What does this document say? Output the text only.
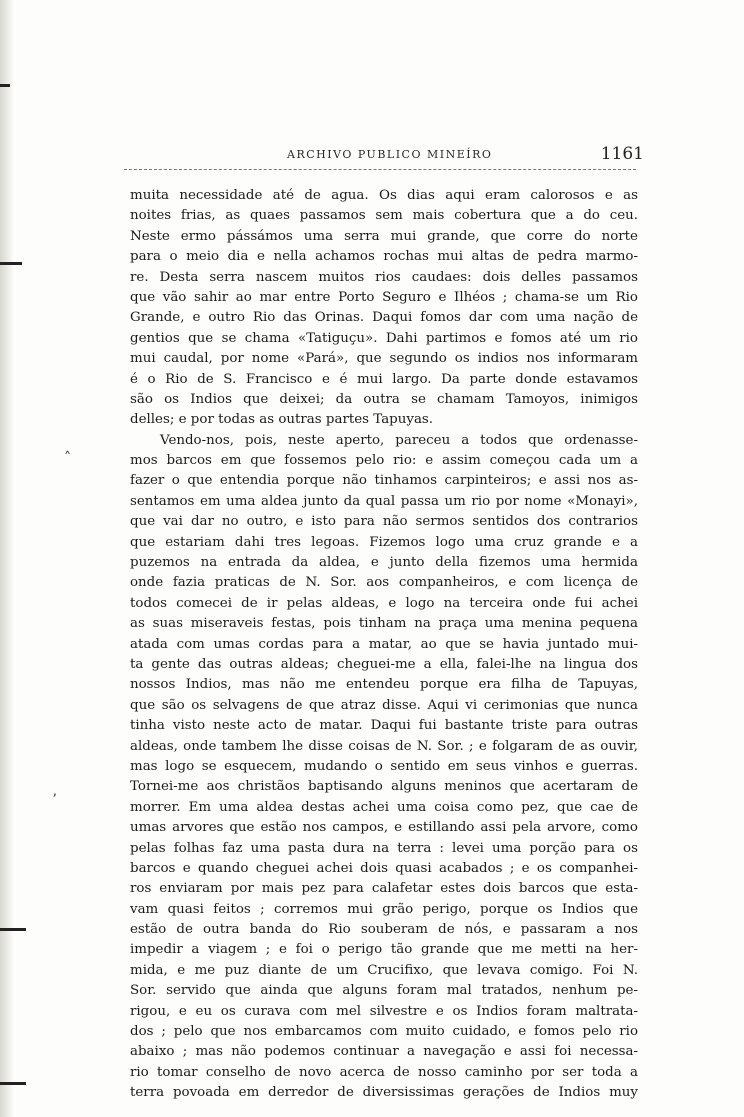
ARCHIVO PUBLICO MINEÍRO	1161
muita necessidade até de agua. Os dias aqui eram calorosos e as
noites frias, as quaes passamos sem mais cobertura que a do ceu.
Neste ermo pássámos uma serra mui grande, que corre do norte
para o meio dia e nella achamos rochas mui altas de pedra marmo-
re. Desta serra nascem muitos rios caudaes: dois delles passamos
que vão sahir ao mar entre Porto Seguro e Ilhéos ; chama-se um Rio
Grande, e outro Rio das Orinas. Daqui fomos dar com uma nação de
gentios que se chama «Tatiguçu». Dahi partimos e fomos até um rio
mui caudal, por nome «Pará», que segundo os indios nos informaram
é o Rio de S. Francisco e é mui largo. Da parte donde estavamos
são os Indios que deixei; da outra se chamam Tamoyos, inimigos
delles; e por todas as outras partes Tapuyas.
Vendo-nos, pois, neste aperto, pareceu a todos que ordenasse-
mos barcos em que fossemos pelo rio: e assim começou cada um a
fazer o que entendia porque não tinhamos carpinteiros; e assi nos as-
sentamos em uma aldea junto da qual passa um rio por nome «Monayi»,
que vai dar no outro, e isto para não sermos sentidos dos contrarios
que estariam dahi tres legoas. Fizemos logo uma cruz grande e a
puzemos na entrada da aldea, e junto della fizemos uma hermida
onde fazia praticas de N. Sor. aos companheiros, e com licença de
todos comecei de ir pelas aldeas, e logo na terceira onde fui achei
as suas miseraveis festas, pois tinham na praça uma menina pequena
atada com umas cordas para a matar, ao que se havia juntado mui-
ta gente das outras aldeas; cheguei-me a ella, falei-lhe na lingua dos
nossos Indios, mas não me entendeu porque era filha de Tapuyas,
que são os selvagens de que atraz disse. Aqui vi cerimonias que nunca
tinha visto neste acto de matar. Daqui fui bastante triste para outras
aldeas, onde tambem lhe disse coisas de N. Sor. ; e folgaram de as ouvir,
mas logo se esquecem, mudando o sentido em seus vinhos e guerras.
Tornei-me aos christãos baptisando alguns meninos que acertaram de
morrer. Em uma aldea destas achei uma coisa como pez, que cae de
umas arvores que estão nos campos, e estillando assi pela arvore, como
pelas folhas faz uma pasta dura na terra : levei uma porção para os
barcos e quando cheguei achei dois quasi acabados ; e os companhei-
ros enviaram por mais pez para calafetar estes dois barcos que esta-
vam quasi feitos ; corremos mui grão perigo, porque os Indios que
estão de outra banda do Rio souberam de nós, e passaram a nos
impedir a viagem ; e foi o perigo tão grande que me metti na her-
mida, e me puz diante de um Crucifixo, que levava comigo. Foi N.
Sor. servido que ainda que alguns foram mal tratados, nenhum pe-
rigou, e eu os curava com mel silvestre e os Indios foram maltrata-
dos ; pelo que nos embarcamos com muito cuidado, e fomos pelo rio
abaixo ; mas não podemos continuar a navegação e assi foi necessa-
rio tomar conselho de novo acerca de nosso caminho por ser toda a
terra povoada em derredor de diversissimas gerações de Indios muy
˄
ʼ
